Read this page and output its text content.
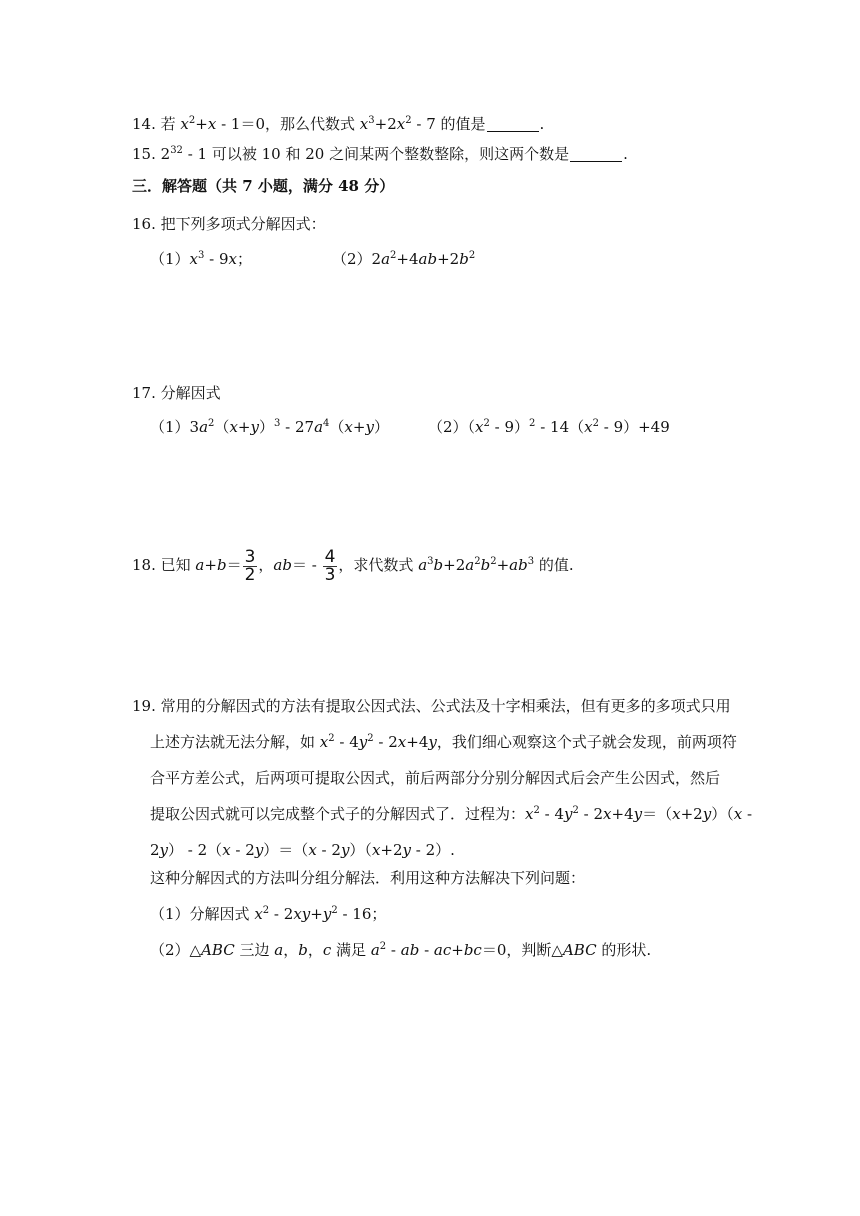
14. 若 $x^2+x$ ‐ 1＝0，那么代数式 $x^3+2x^2$ ‐ 7 的值是	.
15. $2^{32}$ ‐ 1 可以被 10 和 20 之间某两个整数整除，则这两个数是	.
三．解答题（共 7 小题，满分 48 分）
16. 把下列多项式分解因式：
$(1)x^3$ ‐ 9x；	$(2)2a^2+4ab+2b^2$
17. 分解因式
$(1)3a^2(x+y)^3$ ‐ $27a^4(x+y)$	$(2)(x^2$ ‐ 9）$^2$ ‐ $14(x^2$ ‐ 9）+49
18. 已知 $a+b= \frac{3}{2}$ ，ab＝ ‐ $\frac{4}{3}$ ，求代数式 $a^3b+2a^2b^2+ab^3$ 的值.
19. 常用的分解因式的方法有提取公因式法、公式法及十字相乘法，但有更多的多项式只用
上述方法就无法分解，如 $x^2$ ‐ $4y^2$ ‐ 2x+4y，我们细心观察这个式子就会发现，前两项符
合平方差公式，后两项可提取公因式，前后两部分分别分解因式后会产生公因式，然后
提取公因式就可以完成整个式子的分解因式了．过程为：$x^2$ ‐ $4y^2$ ‐ 2x+4y＝（x+2y）（x ‐
2y） ‐ 2（x ‐ 2y）＝（x ‐ 2y）（x+2y ‐ 2）.
这种分解因式的方法叫分组分解法．利用这种方法解决下列问题：
（1）分解因式 $x^2$ ‐ $2xy+y^2$ ‐ 16；
（2）△ABC 三边 a，b，c 满足 $a^2$ ‐ ab ‐ ac+bc＝0，判断△ABC 的形状.
